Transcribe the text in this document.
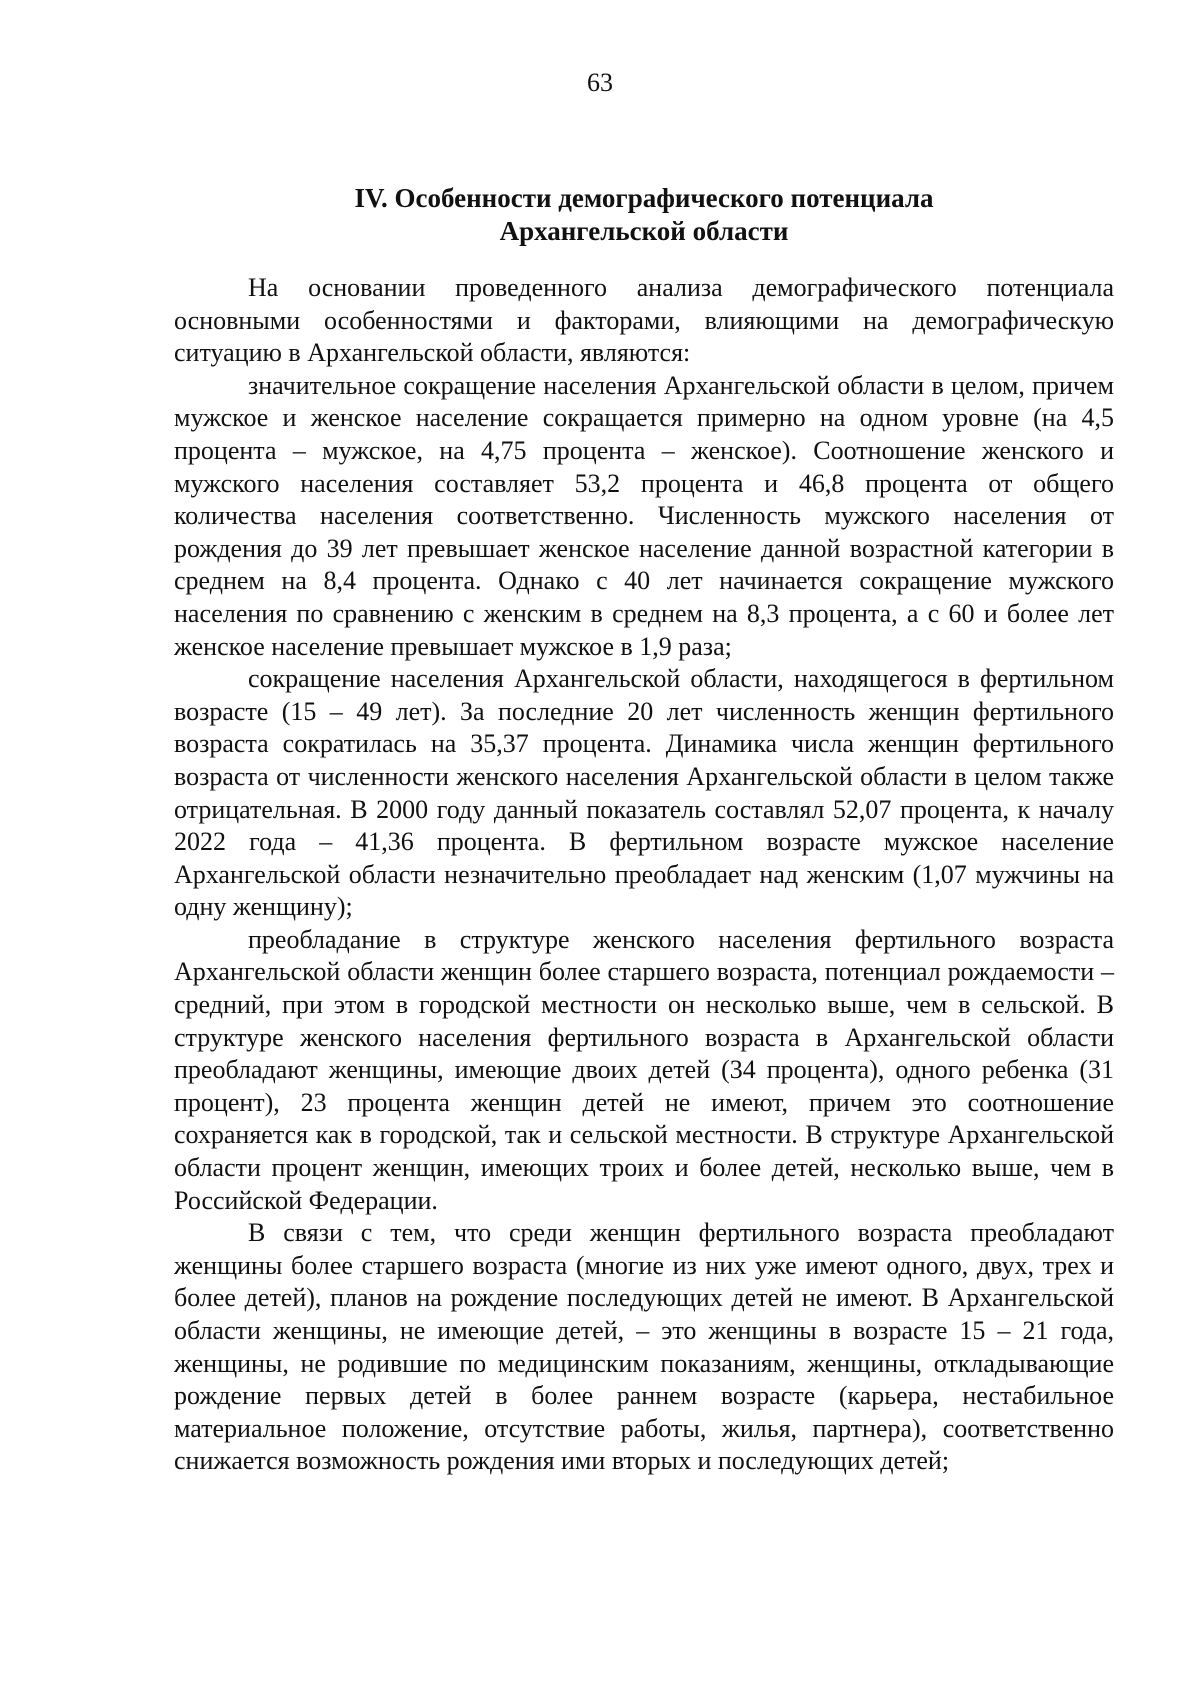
63
IV. Особенности демографического потенциала
Архангельской области

На основании проведенного анализа демографического потенциала основными особенностями и факторами, влияющими на демографическую ситуацию в Архангельской области, являются:

значительное сокращение населения Архангельской области в целом, причем мужское и женское население сокращается примерно на одном уровне (на 4,5 процента – мужское, на 4,75 процента – женское). Соотношение женского и мужского населения составляет 53,2 процента и 46,8 процента от общего количества населения соответственно. Численность мужского населения от рождения до 39 лет превышает женское население данной возрастной категории в среднем на 8,4 процента. Однако с 40 лет начинается сокращение мужского населения по сравнению с женским в среднем на 8,3 процента, а с 60 и более лет женское население превышает мужское в 1,9 раза;

сокращение населения Архангельской области, находящегося в фертильном возрасте (15 – 49 лет). За последние 20 лет численность женщин фертильного возраста сократилась на 35,37 процента. Динамика числа женщин фертильного возраста от численности женского населения Архангельской области в целом также отрицательная. В 2000 году данный показатель составлял 52,07 процента, к началу 2022 года – 41,36 процента. В фертильном возрасте мужское население Архангельской области незначительно преобладает над женским (1,07 мужчины на одну женщину);

преобладание в структуре женского населения фертильного возраста Архангельской области женщин более старшего возраста, потенциал рождаемости – средний, при этом в городской местности он несколько выше, чем в сельской. В структуре женского населения фертильного возраста в Архангельской области преобладают женщины, имеющие двоих детей (34 процента), одного ребенка (31 процент), 23 процента женщин детей не имеют, причем это соотношение сохраняется как в городской, так и сельской местности. В структуре Архангельской области процент женщин, имеющих троих и более детей, несколько выше, чем в Российской Федерации.

В связи с тем, что среди женщин фертильного возраста преобладают женщины более старшего возраста (многие из них уже имеют одного, двух, трех и более детей), планов на рождение последующих детей не имеют. В Архангельской области женщины, не имеющие детей, – это женщины в возрасте 15 – 21 года, женщины, не родившие по медицинским показаниям, женщины, откладывающие рождение первых детей в более раннем возрасте (карьера, нестабильное материальное положение, отсутствие работы, жилья, партнера), соответственно снижается возможность рождения ими вторых и последующих детей;
